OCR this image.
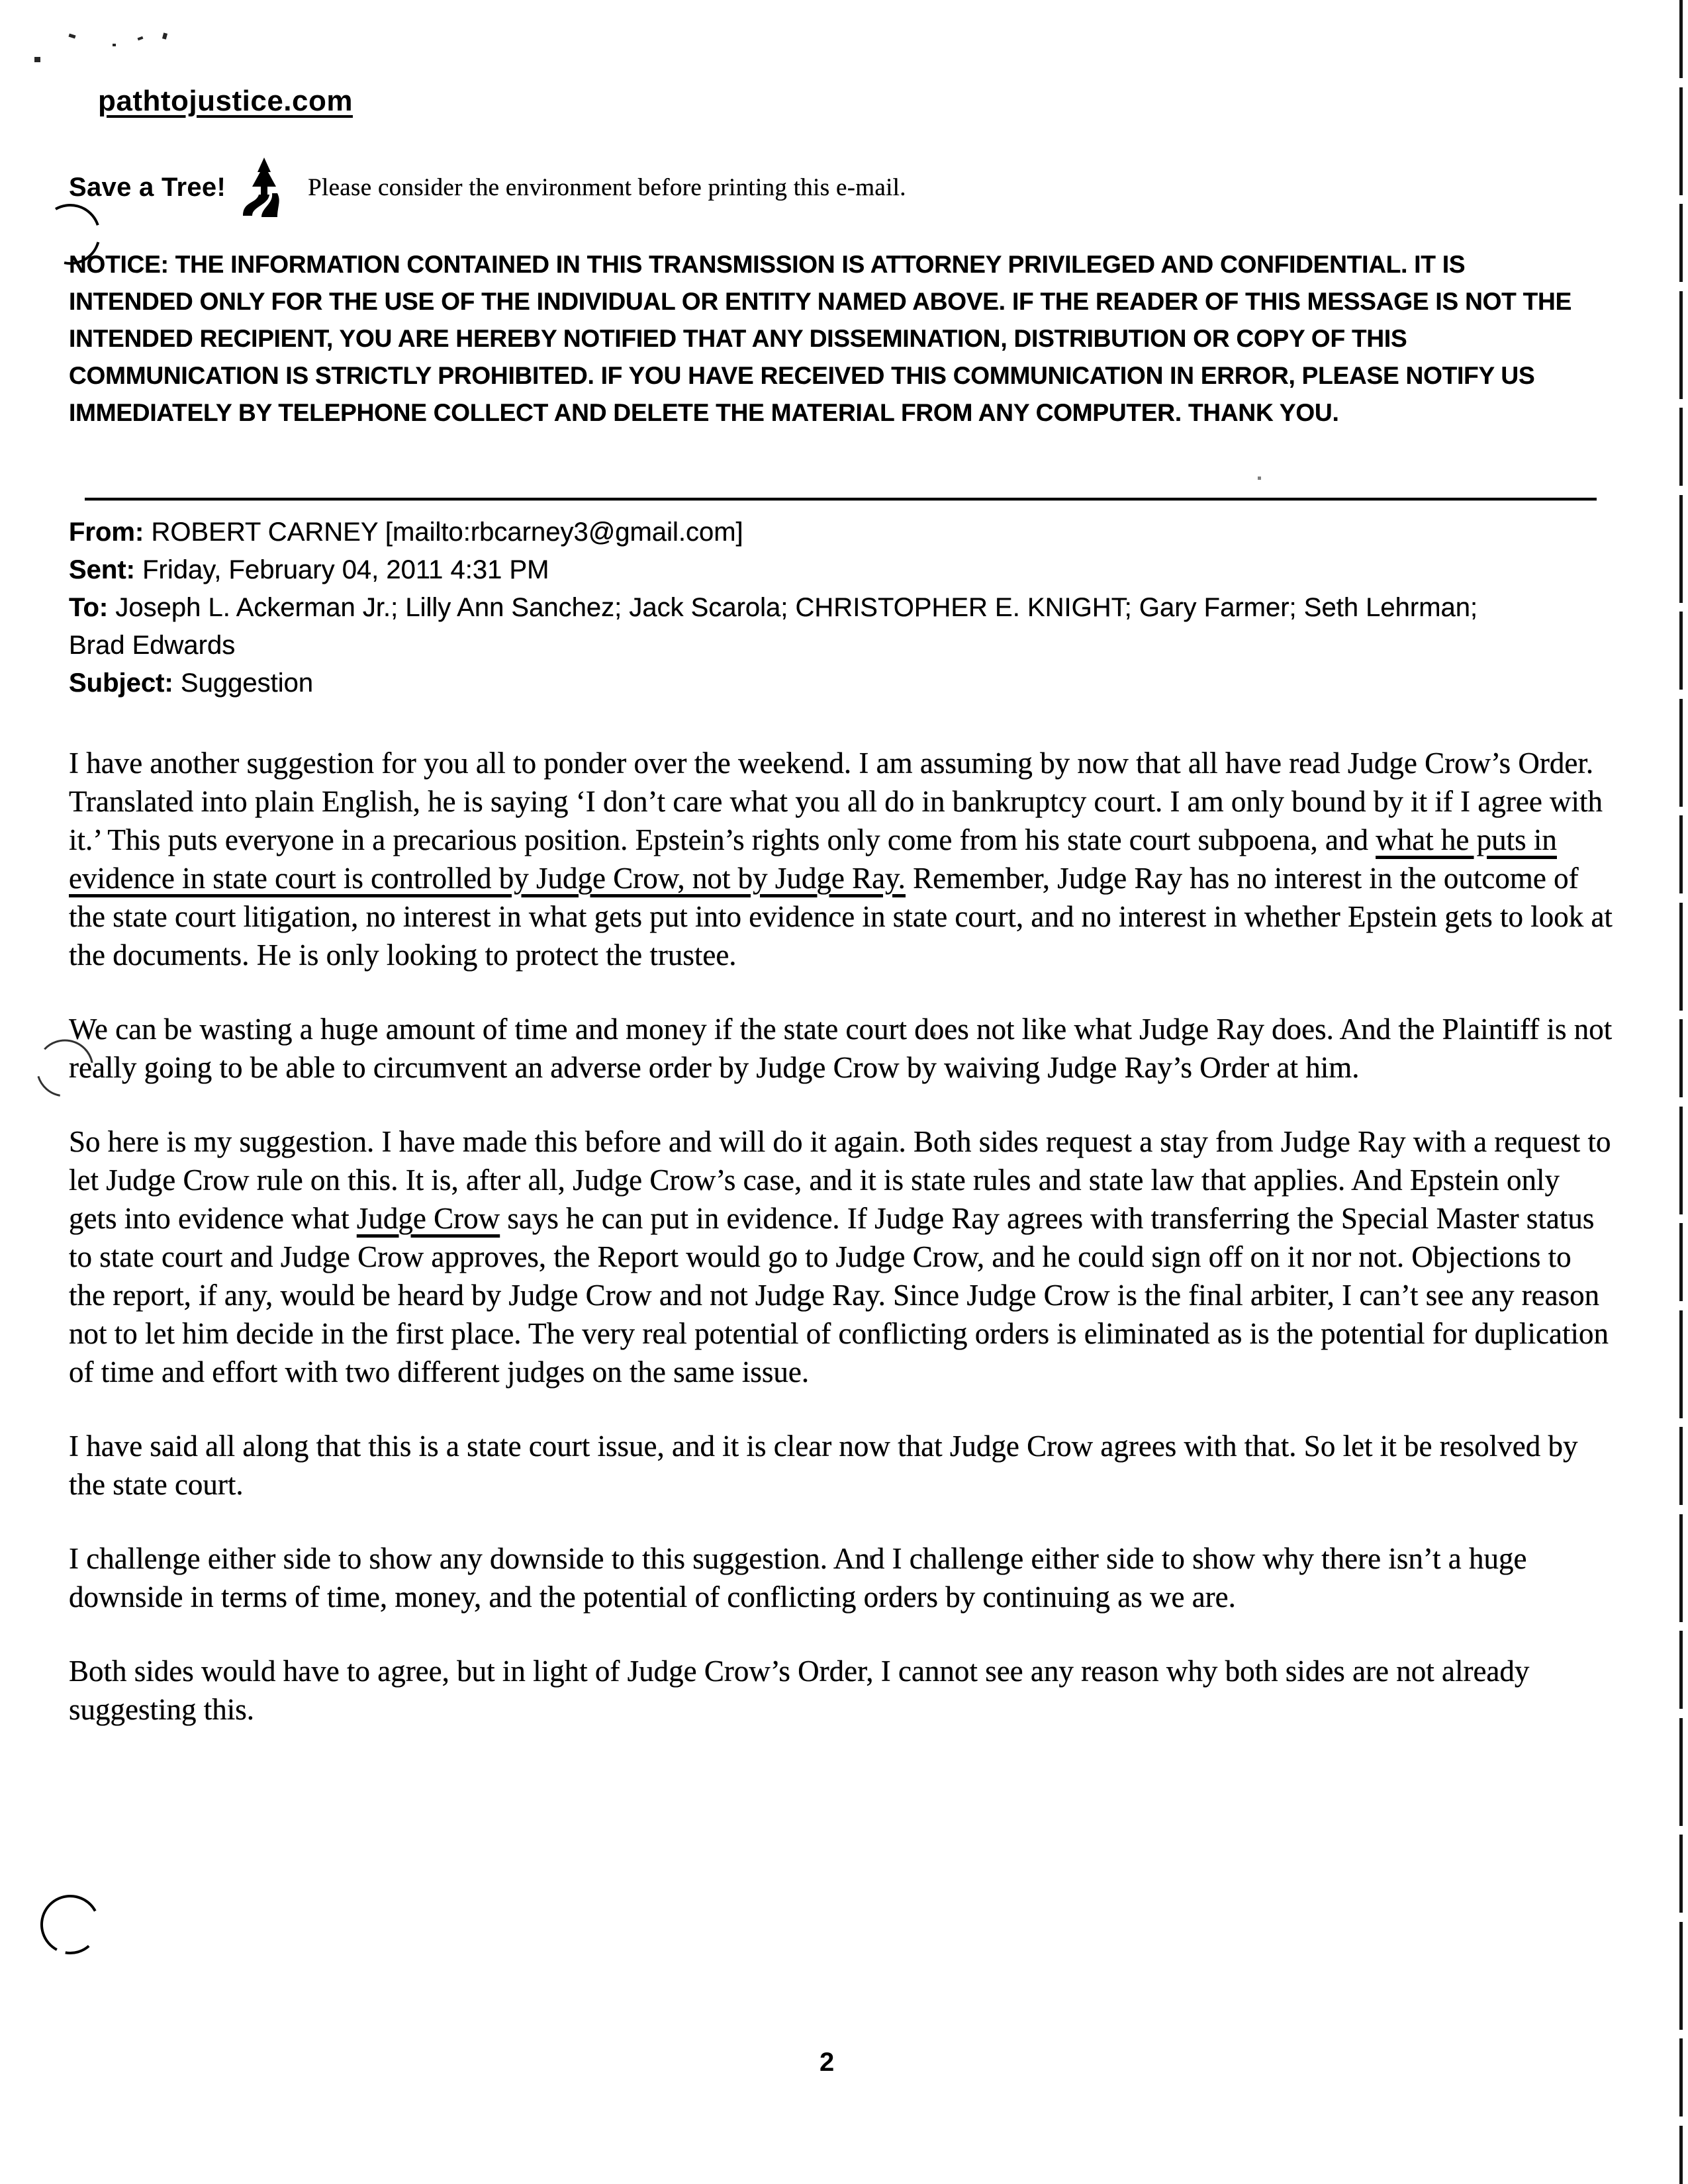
pathtojustice.com
Save a Tree!	Please consider the environment before printing this e-mail.
NOTICE: THE INFORMATION CONTAINED IN THIS TRANSMISSION IS ATTORNEY PRIVILEGED AND CONFIDENTIAL. IT IS INTENDED ONLY FOR THE USE OF THE INDIVIDUAL OR ENTITY NAMED ABOVE. IF THE READER OF THIS MESSAGE IS NOT THE INTENDED RECIPIENT, YOU ARE HEREBY NOTIFIED THAT ANY DISSEMINATION, DISTRIBUTION OR COPY OF THIS COMMUNICATION IS STRICTLY PROHIBITED. IF YOU HAVE RECEIVED THIS COMMUNICATION IN ERROR, PLEASE NOTIFY US IMMEDIATELY BY TELEPHONE COLLECT AND DELETE THE MATERIAL FROM ANY COMPUTER. THANK YOU.
From: ROBERT CARNEY [mailto:rbcarney3@gmail.com]
Sent: Friday, February 04, 2011 4:31 PM
To: Joseph L. Ackerman Jr.; Lilly Ann Sanchez; Jack Scarola; CHRISTOPHER E. KNIGHT; Gary Farmer; Seth Lehrman; Brad Edwards
Subject: Suggestion

I have another suggestion for you all to ponder over the weekend. I am assuming by now that all have read Judge Crow’s Order. Translated into plain English, he is saying ‘I don’t care what you all do in bankruptcy court. I am only bound by it if I agree with it.’ This puts everyone in a precarious position. Epstein’s rights only come from his state court subpoena, and what he puts in evidence in state court is controlled by Judge Crow, not by Judge Ray. Remember, Judge Ray has no interest in the outcome of the state court litigation, no interest in what gets put into evidence in state court, and no interest in whether Epstein gets to look at the documents. He is only looking to protect the trustee.

We can be wasting a huge amount of time and money if the state court does not like what Judge Ray does. And the Plaintiff is not really going to be able to circumvent an adverse order by Judge Crow by waiving Judge Ray’s Order at him.

So here is my suggestion. I have made this before and will do it again. Both sides request a stay from Judge Ray with a request to let Judge Crow rule on this. It is, after all, Judge Crow’s case, and it is state rules and state law that applies. And Epstein only gets into evidence what Judge Crow says he can put in evidence. If Judge Ray agrees with transferring the Special Master status to state court and Judge Crow approves, the Report would go to Judge Crow, and he could sign off on it nor not. Objections to the report, if any, would be heard by Judge Crow and not Judge Ray. Since Judge Crow is the final arbiter, I can’t see any reason not to let him decide in the first place. The very real potential of conflicting orders is eliminated as is the potential for duplication of time and effort with two different judges on the same issue.

I have said all along that this is a state court issue, and it is clear now that Judge Crow agrees with that. So let it be resolved by the state court.

I challenge either side to show any downside to this suggestion. And I challenge either side to show why there isn’t a huge downside in terms of time, money, and the potential of conflicting orders by continuing as we are.

Both sides would have to agree, but in light of Judge Crow’s Order, I cannot see any reason why both sides are not already suggesting this.

2
